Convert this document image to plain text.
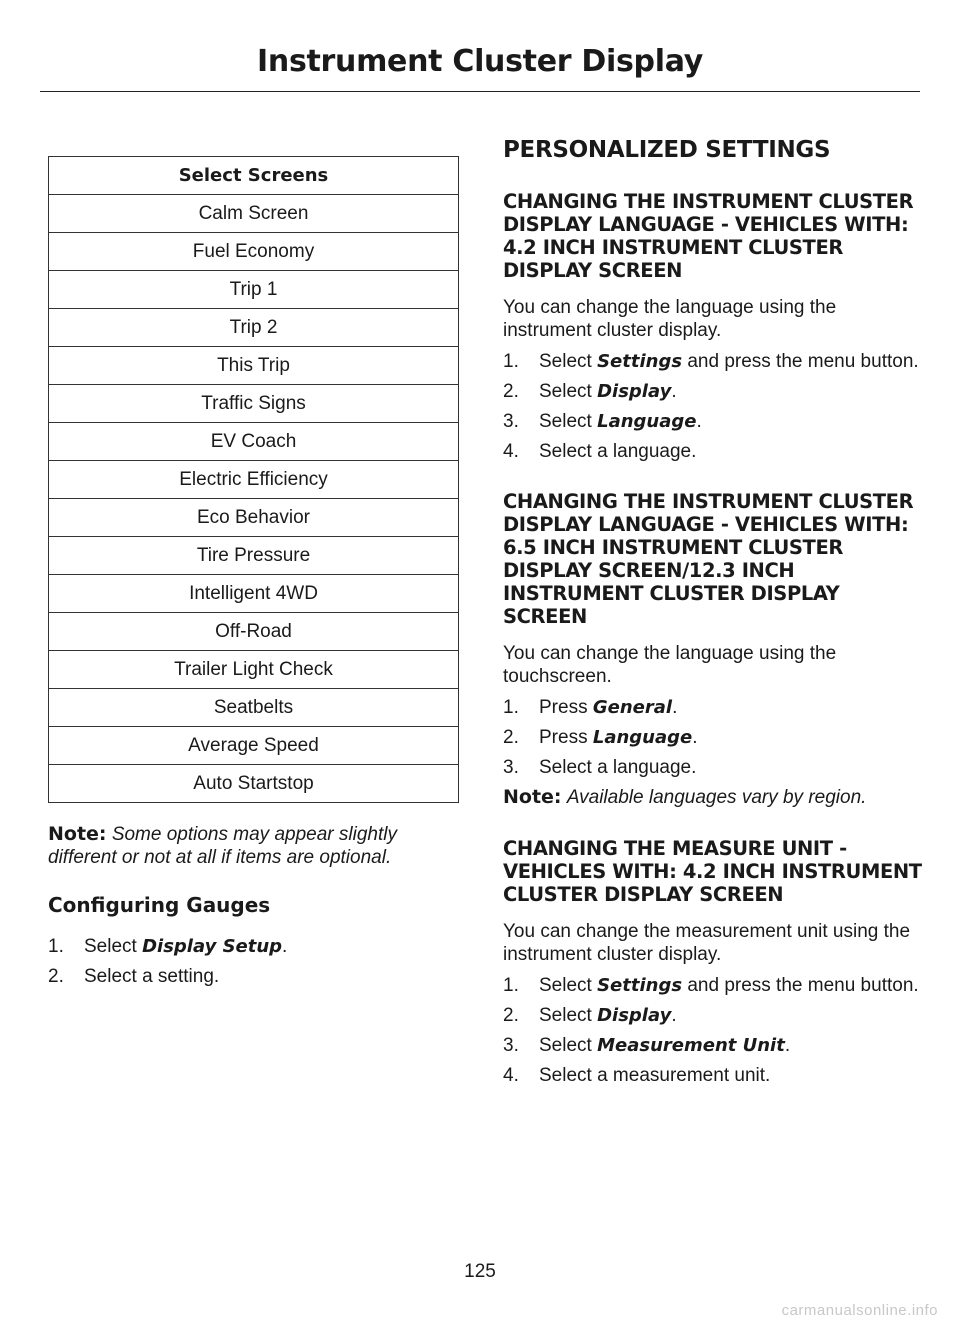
Instrument Cluster Display
Select Screens
Calm Screen
Fuel Economy
Trip 1
Trip 2
This Trip
Traffic Signs
EV Coach
Electric Efficiency
Eco Behavior
Tire Pressure
Intelligent 4WD
Off-Road
Trailer Light Check
Seatbelts
Average Speed
Auto Startstop

Note: Some options may appear slightly different or not at all if items are optional.

Configuring Gauges
1. Select Display Setup.
2. Select a setting.
PERSONALIZED SETTINGS
CHANGING THE INSTRUMENT CLUSTER DISPLAY LANGUAGE - VEHICLES WITH: 4.2 INCH INSTRUMENT CLUSTER DISPLAY SCREEN

You can change the language using the instrument cluster display.

1. Select Settings and press the menu button.
2. Select Display.
3. Select Language.
4. Select a language.
CHANGING THE INSTRUMENT CLUSTER DISPLAY LANGUAGE - VEHICLES WITH: 6.5 INCH INSTRUMENT CLUSTER DISPLAY SCREEN/12.3 INCH INSTRUMENT CLUSTER DISPLAY SCREEN

You can change the language using the touchscreen.

1. Press General.
2. Press Language.
3. Select a language.

Note: Available languages vary by region.

CHANGING THE MEASURE UNIT - VEHICLES WITH: 4.2 INCH INSTRUMENT CLUSTER DISPLAY SCREEN

You can change the measurement unit using the instrument cluster display.

1. Select Settings and press the menu button.
2. Select Display.
3. Select Measurement Unit.
4. Select a measurement unit.
125
carmanualsonline.info
